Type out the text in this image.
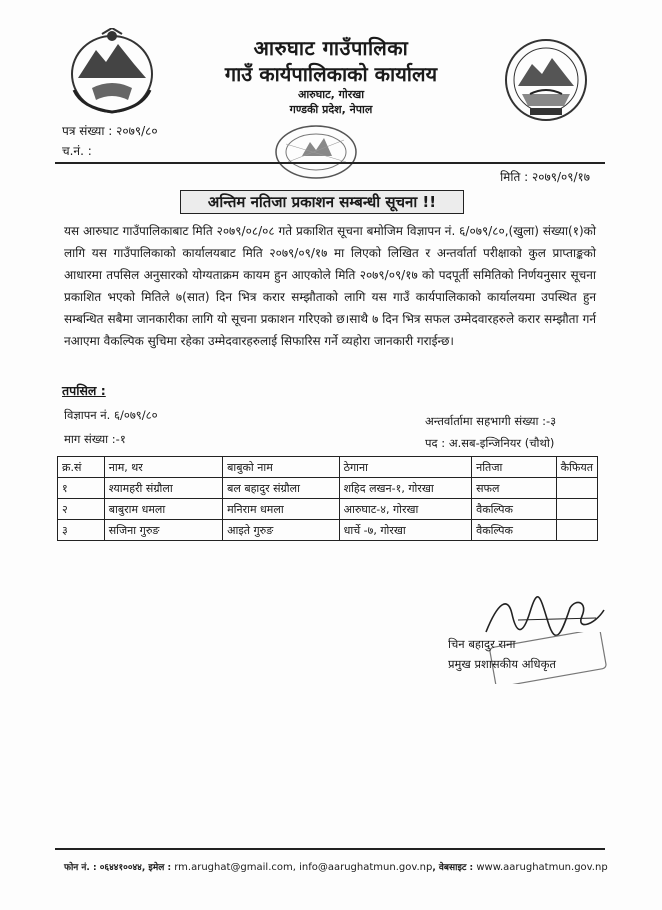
आरुघाट गाउँपालिका
गाउँ कार्यपालिकाको कार्यालय
आरुघाट, गोरखा
गण्डकी प्रदेश, नेपाल
पत्र संख्या : २०७९/८०
च.नं. :
मिति : २०७९/०९/१७
अन्तिम नतिजा प्रकाशन सम्बन्धी सूचना !!
यस आरुघाट गाउँपालिकाबाट मिति २०७९/०८/०८ गते प्रकाशित सूचना बमोजिम विज्ञापन नं. ६/०७९/८०,(खुला) संख्या(१)को लागि यस गाउँपालिकाको कार्यालयबाट मिति २०७९/०९/१७ मा लिएको लिखित र अन्तर्वार्ता परीक्षाको कुल प्राप्ताङ्कको आधारमा तपसिल अनुसारको योग्यताक्रम कायम हुन आएकोले मिति २०७९/०९/१७ को पदपूर्ती समितिको निर्णयनुसार सूचना प्रकाशित भएको मितिले ७(सात) दिन भित्र करार सम्झौताको लागि यस गाउँ कार्यपालिकाको कार्यालयमा उपस्थित हुन सम्बन्धित सबैमा जानकारीका लागि यो सूचना प्रकाशन गरिएको छ।साथै ७ दिन भित्र सफल उम्मेदवारहरुले करार सम्झौता गर्न नआएमा वैकल्पिक सुचिमा रहेका उम्मेदवारहरुलाई सिफारिस गर्ने व्यहोरा जानकारी गराईन्छ।
तपसिल :
विज्ञापन नं. ६/०७९/८०
माग संख्या :-१
अन्तर्वार्तामा सहभागी संख्या :-३
पद : अ.सब-इन्जिनियर (चौथो)
क्र.सं	नाम, थर	बाबुको नाम	ठेगाना	नतिजा	कैफियत
१	श्यामहरी संग्रौला	बल बहादुर संग्रौला	शहिद लखन-१, गोरखा	सफल	
२	बाबुराम धमला	मनिराम धमला	आरुघाट-४, गोरखा	वैकल्पिक	
३	सजिना गुरुङ	आइते गुरुङ	धार्चे -७, गोरखा	वैकल्पिक	
चिन बहादुर राना
प्रमुख प्रशासकीय अधिकृत
फोन नं. : ०६४४१००४४, इमेल : rm.arughat@gmail.com, info@aarughatmun.gov.np, वेबसाइट : www.aarughatmun.gov.np
